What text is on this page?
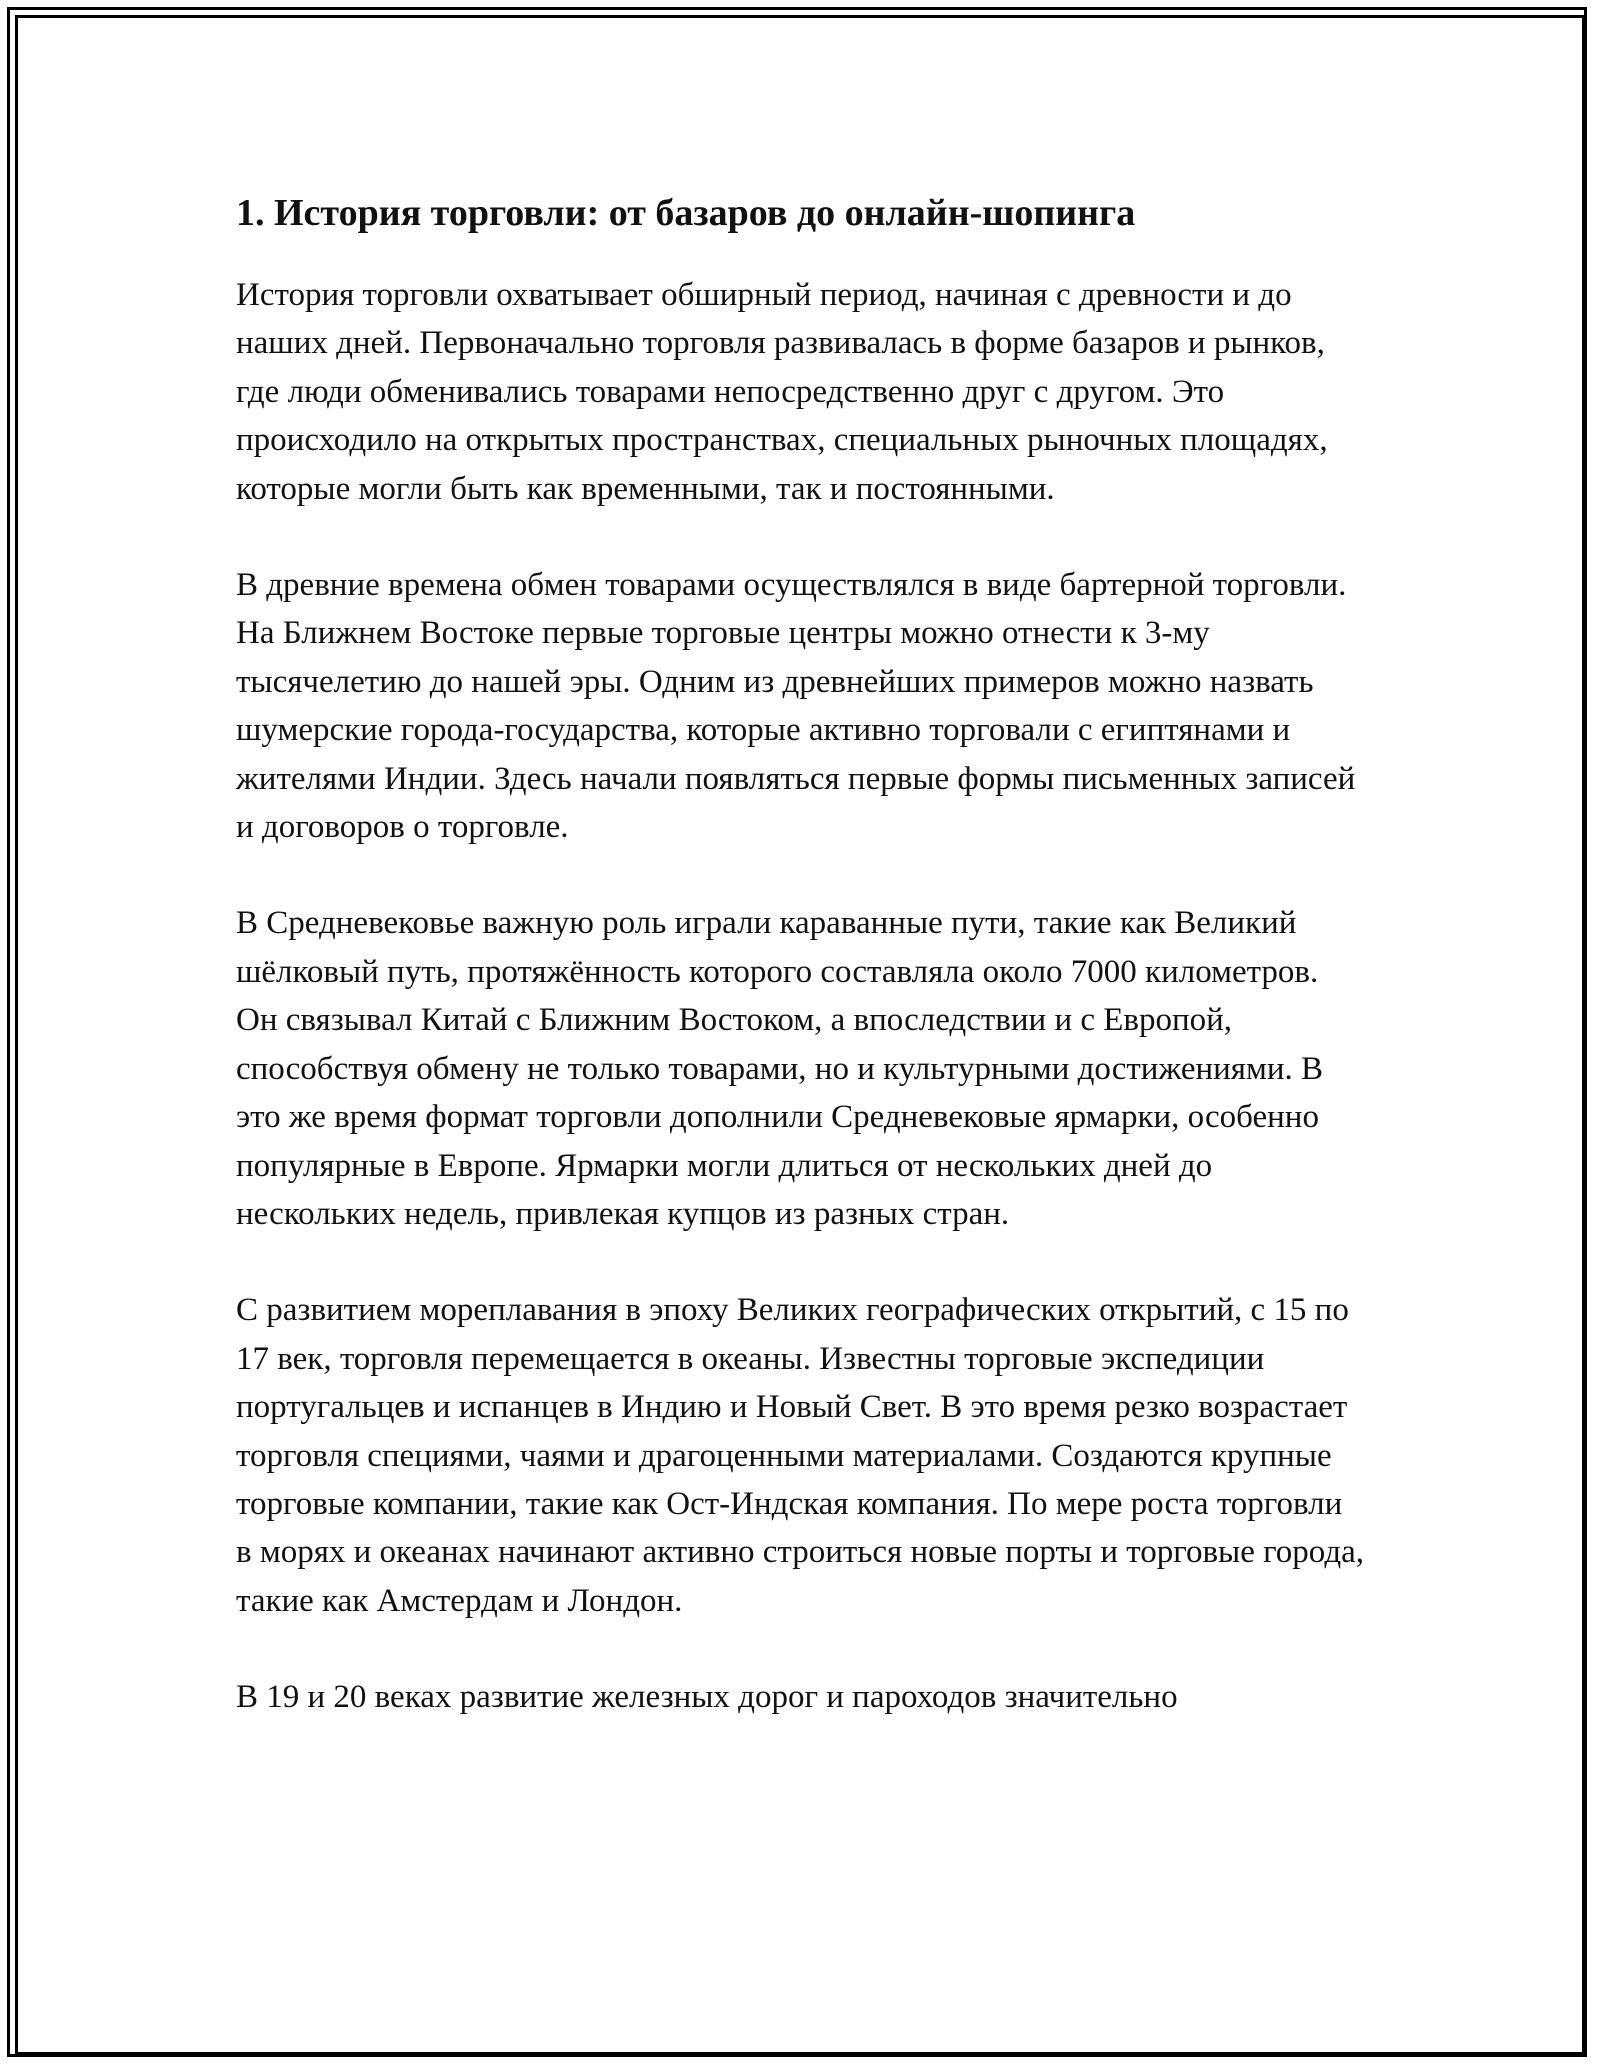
1. История торговли: от базаров до онлайн-шопинга

История торговли охватывает обширный период, начиная с древности и до наших дней. Первоначально торговля развивалась в форме базаров и рынков, где люди обменивались товарами непосредственно друг с другом. Это происходило на открытых пространствах, специальных рыночных площадях, которые могли быть как временными, так и постоянными.

В древние времена обмен товарами осуществлялся в виде бартерной торговли. На Ближнем Востоке первые торговые центры можно отнести к 3-му тысячелетию до нашей эры. Одним из древнейших примеров можно назвать шумерские города-государства, которые активно торговали с египтянами и жителями Индии. Здесь начали появляться первые формы письменных записей и договоров о торговле.

В Средневековье важную роль играли караванные пути, такие как Великий шёлковый путь, протяжённость которого составляла около 7000 километров. Он связывал Китай с Ближним Востоком, а впоследствии и с Европой, способствуя обмену не только товарами, но и культурными достижениями. В это же время формат торговли дополнили Средневековые ярмарки, особенно популярные в Европе. Ярмарки могли длиться от нескольких дней до нескольких недель, привлекая купцов из разных стран.

С развитием мореплавания в эпоху Великих географических открытий, с 15 по 17 век, торговля перемещается в океаны. Известны торговые экспедиции португальцев и испанцев в Индию и Новый Свет. В это время резко возрастает торговля специями, чаями и драгоценными материалами. Создаются крупные торговые компании, такие как Ост-Индская компания. По мере роста торговли в морях и океанах начинают активно строиться новые порты и торговые города, такие как Амстердам и Лондон.

В 19 и 20 веках развитие железных дорог и пароходов значительно
